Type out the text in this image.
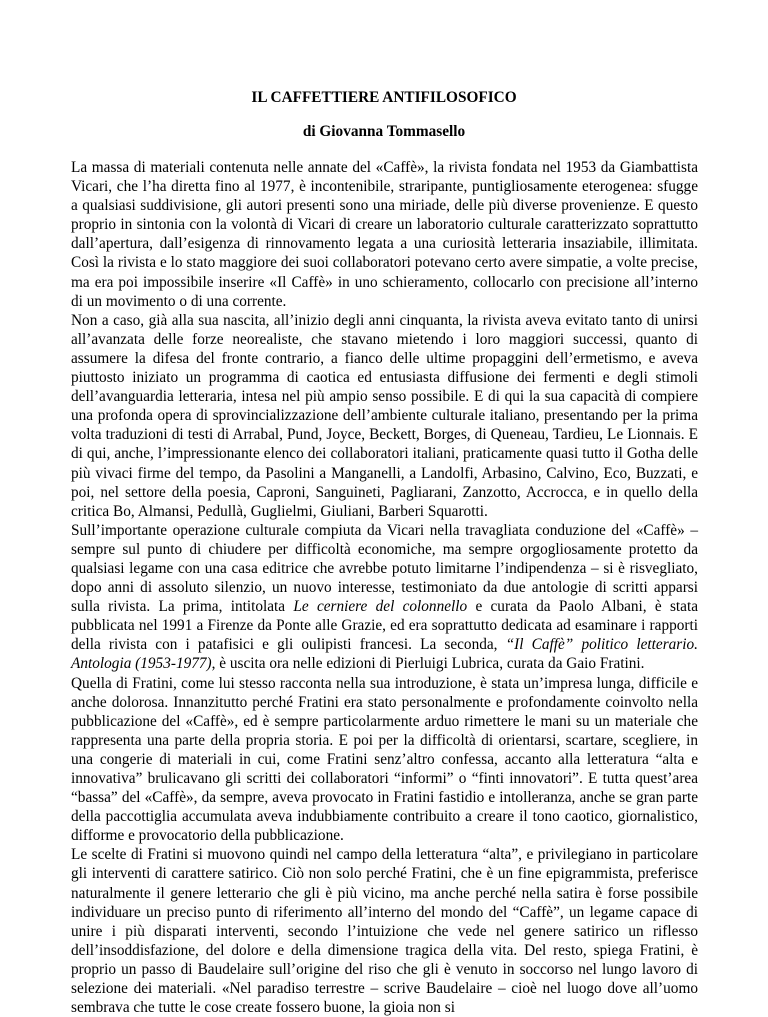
IL CAFFETTIERE ANTIFILOSOFICO
di Giovanna Tommasello

La massa di materiali contenuta nelle annate del «Caffè», la rivista fondata nel 1953 da Giambattista Vicari, che l’ha diretta fino al 1977, è incontenibile, straripante, puntigliosamente eterogenea: sfugge a qualsiasi suddivisione, gli autori presenti sono una miriade, delle più diverse provenienze. E questo proprio in sintonia con la volontà di Vicari di creare un laboratorio culturale caratterizzato soprattutto dall’apertura, dall’esigenza di rinnovamento legata a una curiosità letteraria insaziabile, illimitata. Così la rivista e lo stato maggiore dei suoi collaboratori potevano certo avere simpatie, a volte precise, ma era poi impossibile inserire «Il Caffè» in uno schieramento, collocarlo con precisione all’interno di un movimento o di una corrente.

Non a caso, già alla sua nascita, all’inizio degli anni cinquanta, la rivista aveva evitato tanto di unirsi all’avanzata delle forze neorealiste, che stavano mietendo i loro maggiori successi, quanto di assumere la difesa del fronte contrario, a fianco delle ultime propaggini dell’ermetismo, e aveva piuttosto iniziato un programma di caotica ed entusiasta diffusione dei fermenti e degli stimoli dell’avanguardia letteraria, intesa nel più ampio senso possibile. E di qui la sua capacità di compiere una profonda opera di sprovincializzazione dell’ambiente culturale italiano, presentando per la prima volta traduzioni di testi di Arrabal, Pund, Joyce, Beckett, Borges, di Queneau, Tardieu, Le Lionnais. E di qui, anche, l’impressionante elenco dei collaboratori italiani, praticamente quasi tutto il Gotha delle più vivaci firme del tempo, da Pasolini a Manganelli, a Landolfi, Arbasino, Calvino, Eco, Buzzati, e poi, nel settore della poesia, Caproni, Sanguineti, Pagliarani, Zanzotto, Accrocca, e in quello della critica Bo, Almansi, Pedullà, Guglielmi, Giuliani, Barberi Squarotti.

Sull’importante operazione culturale compiuta da Vicari nella travagliata conduzione del «Caffè» – sempre sul punto di chiudere per difficoltà economiche, ma sempre orgogliosamente protetto da qualsiasi legame con una casa editrice che avrebbe potuto limitarne l’indipendenza – si è risvegliato, dopo anni di assoluto silenzio, un nuovo interesse, testimoniato da due antologie di scritti apparsi sulla rivista. La prima, intitolata Le cerniere del colonnello e curata da Paolo Albani, è stata pubblicata nel 1991 a Firenze da Ponte alle Grazie, ed era soprattutto dedicata ad esaminare i rapporti della rivista con i patafisici e gli oulipisti francesi. La seconda, “Il Caffè” politico letterario. Antologia (1953-1977), è uscita ora nelle edizioni di Pierluigi Lubrica, curata da Gaio Fratini.

Quella di Fratini, come lui stesso racconta nella sua introduzione, è stata un’impresa lunga, difficile e anche dolorosa. Innanzitutto perché Fratini era stato personalmente e profondamente coinvolto nella pubblicazione del «Caffè», ed è sempre particolarmente arduo rimettere le mani su un materiale che rappresenta una parte della propria storia. E poi per la difficoltà di orientarsi, scartare, scegliere, in una congerie di materiali in cui, come Fratini senz’altro confessa, accanto alla letteratura “alta e innovativa” brulicavano gli scritti dei collaboratori “informi” o “finti innovatori”. E tutta quest’area “bassa” del «Caffè», da sempre, aveva provocato in Fratini fastidio e intolleranza, anche se gran parte della paccottiglia accumulata aveva indubbiamente contribuito a creare il tono caotico, giornalistico, difforme e provocatorio della pubblicazione.

Le scelte di Fratini si muovono quindi nel campo della letteratura “alta”, e privilegiano in particolare gli interventi di carattere satirico. Ciò non solo perché Fratini, che è un fine epigrammista, preferisce naturalmente il genere letterario che gli è più vicino, ma anche perché nella satira è forse possibile individuare un preciso punto di riferimento all’interno del mondo del “Caffè”, un legame capace di unire i più disparati interventi, secondo l’intuizione che vede nel genere satirico un riflesso dell’insoddisfazione, del dolore e della dimensione tragica della vita. Del resto, spiega Fratini, è proprio un passo di Baudelaire sull’origine del riso che gli è venuto in soccorso nel lungo lavoro di selezione dei materiali. «Nel paradiso terrestre – scrive Baudelaire – cioè nel luogo dove all’uomo sembrava che tutte le cose create fossero buone, la gioia non si
